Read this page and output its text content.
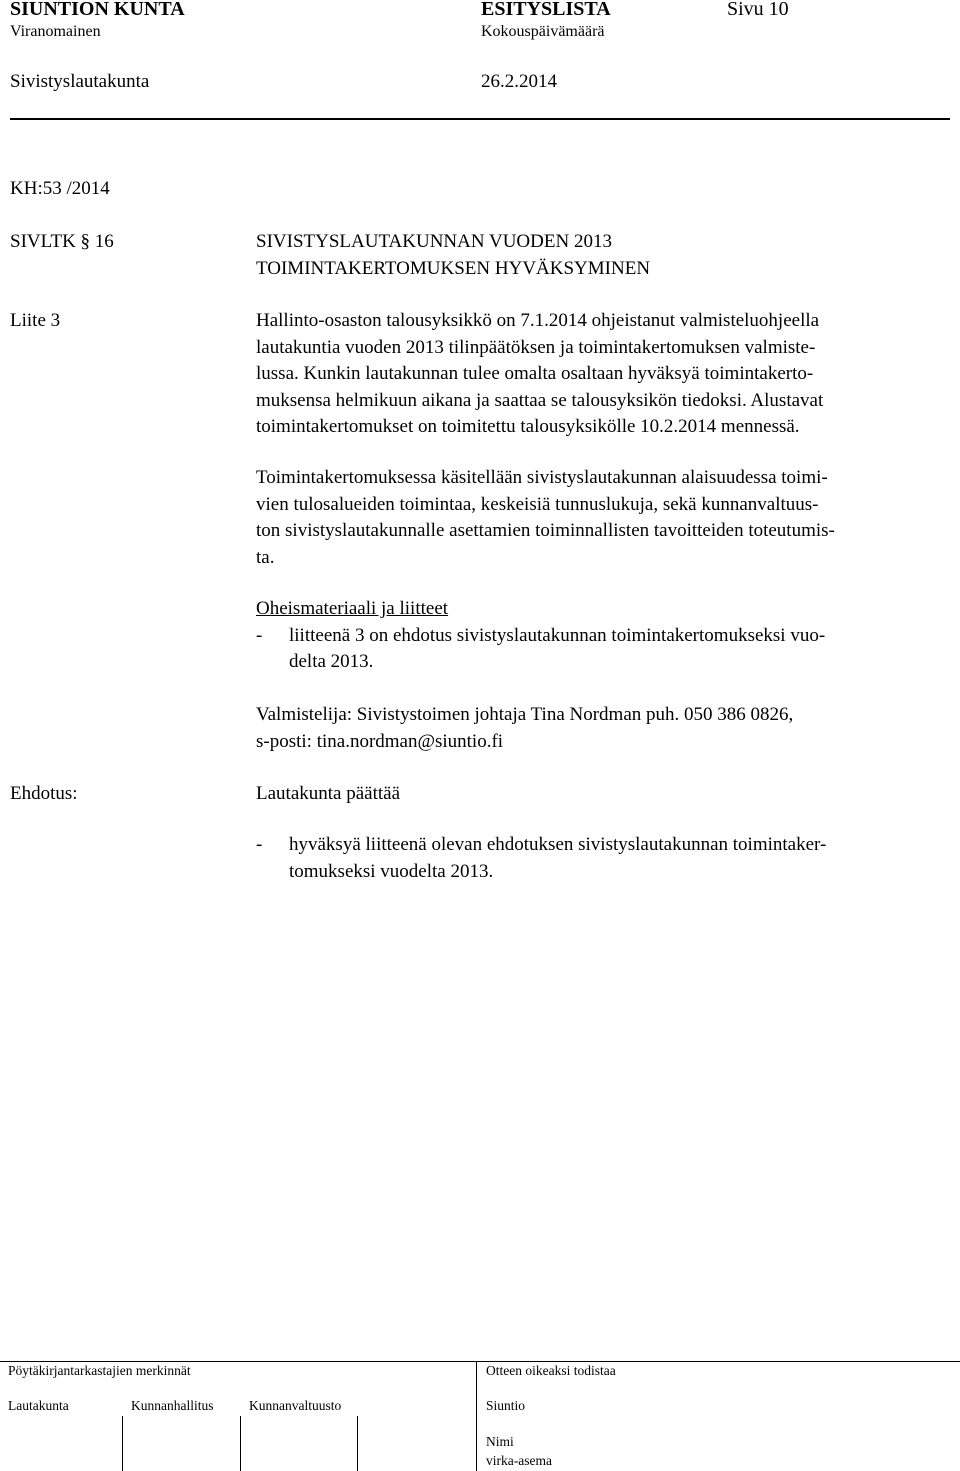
SIUNTION KUNTA	ESITYSLISTA	Sivu 10
Viranomainen	Kokouspäivämäärä
Sivistyslautakunta	26.2.2014
KH:53 /2014
SIVLTK § 16	SIVISTYSLAUTAKUNNAN VUODEN 2013
TOIMINTAKERTOMUKSEN HYVÄKSYMINEN
Liite 3	Hallinto-osaston talousyksikkö on 7.1.2014 ohjeistanut valmisteluohjeella
lautakuntia vuoden 2013 tilinpäätöksen ja toimintakertomuksen valmiste-
lussa. Kunkin lautakunnan tulee omalta osaltaan hyväksyä toimintakerto-
muksensa helmikuun aikana ja saattaa se talousyksikön tiedoksi. Alustavat
toimintakertomukset on toimitettu talousyksikölle 10.2.2014 mennessä.
Toimintakertomuksessa käsitellään sivistyslautakunnan alaisuudessa toimi-
vien tulosalueiden toimintaa, keskeisiä tunnuslukuja, sekä kunnanvaltuus-
ton sivistyslautakunnalle asettamien toiminnallisten tavoitteiden toteutumis-
ta.
Oheismateriaali ja liitteet
- liitteenä 3 on ehdotus sivistyslautakunnan toimintakertomukseksi vuo-
delta 2013.
Valmistelija: Sivistystoimen johtaja Tina Nordman puh. 050 386 0826,
s-posti: tina.nordman@siuntio.fi
Ehdotus:	Lautakunta päättää
- hyväksyä liitteenä olevan ehdotuksen sivistyslautakunnan toimintaker-
tomukseksi vuodelta 2013.
Pöytäkirjantarkastajien merkinnät	Otteen oikeaksi todistaa
Lautakunta	Kunnanhallitus	Kunnanvaltuusto	Siuntio
Nimi
virka-asema
